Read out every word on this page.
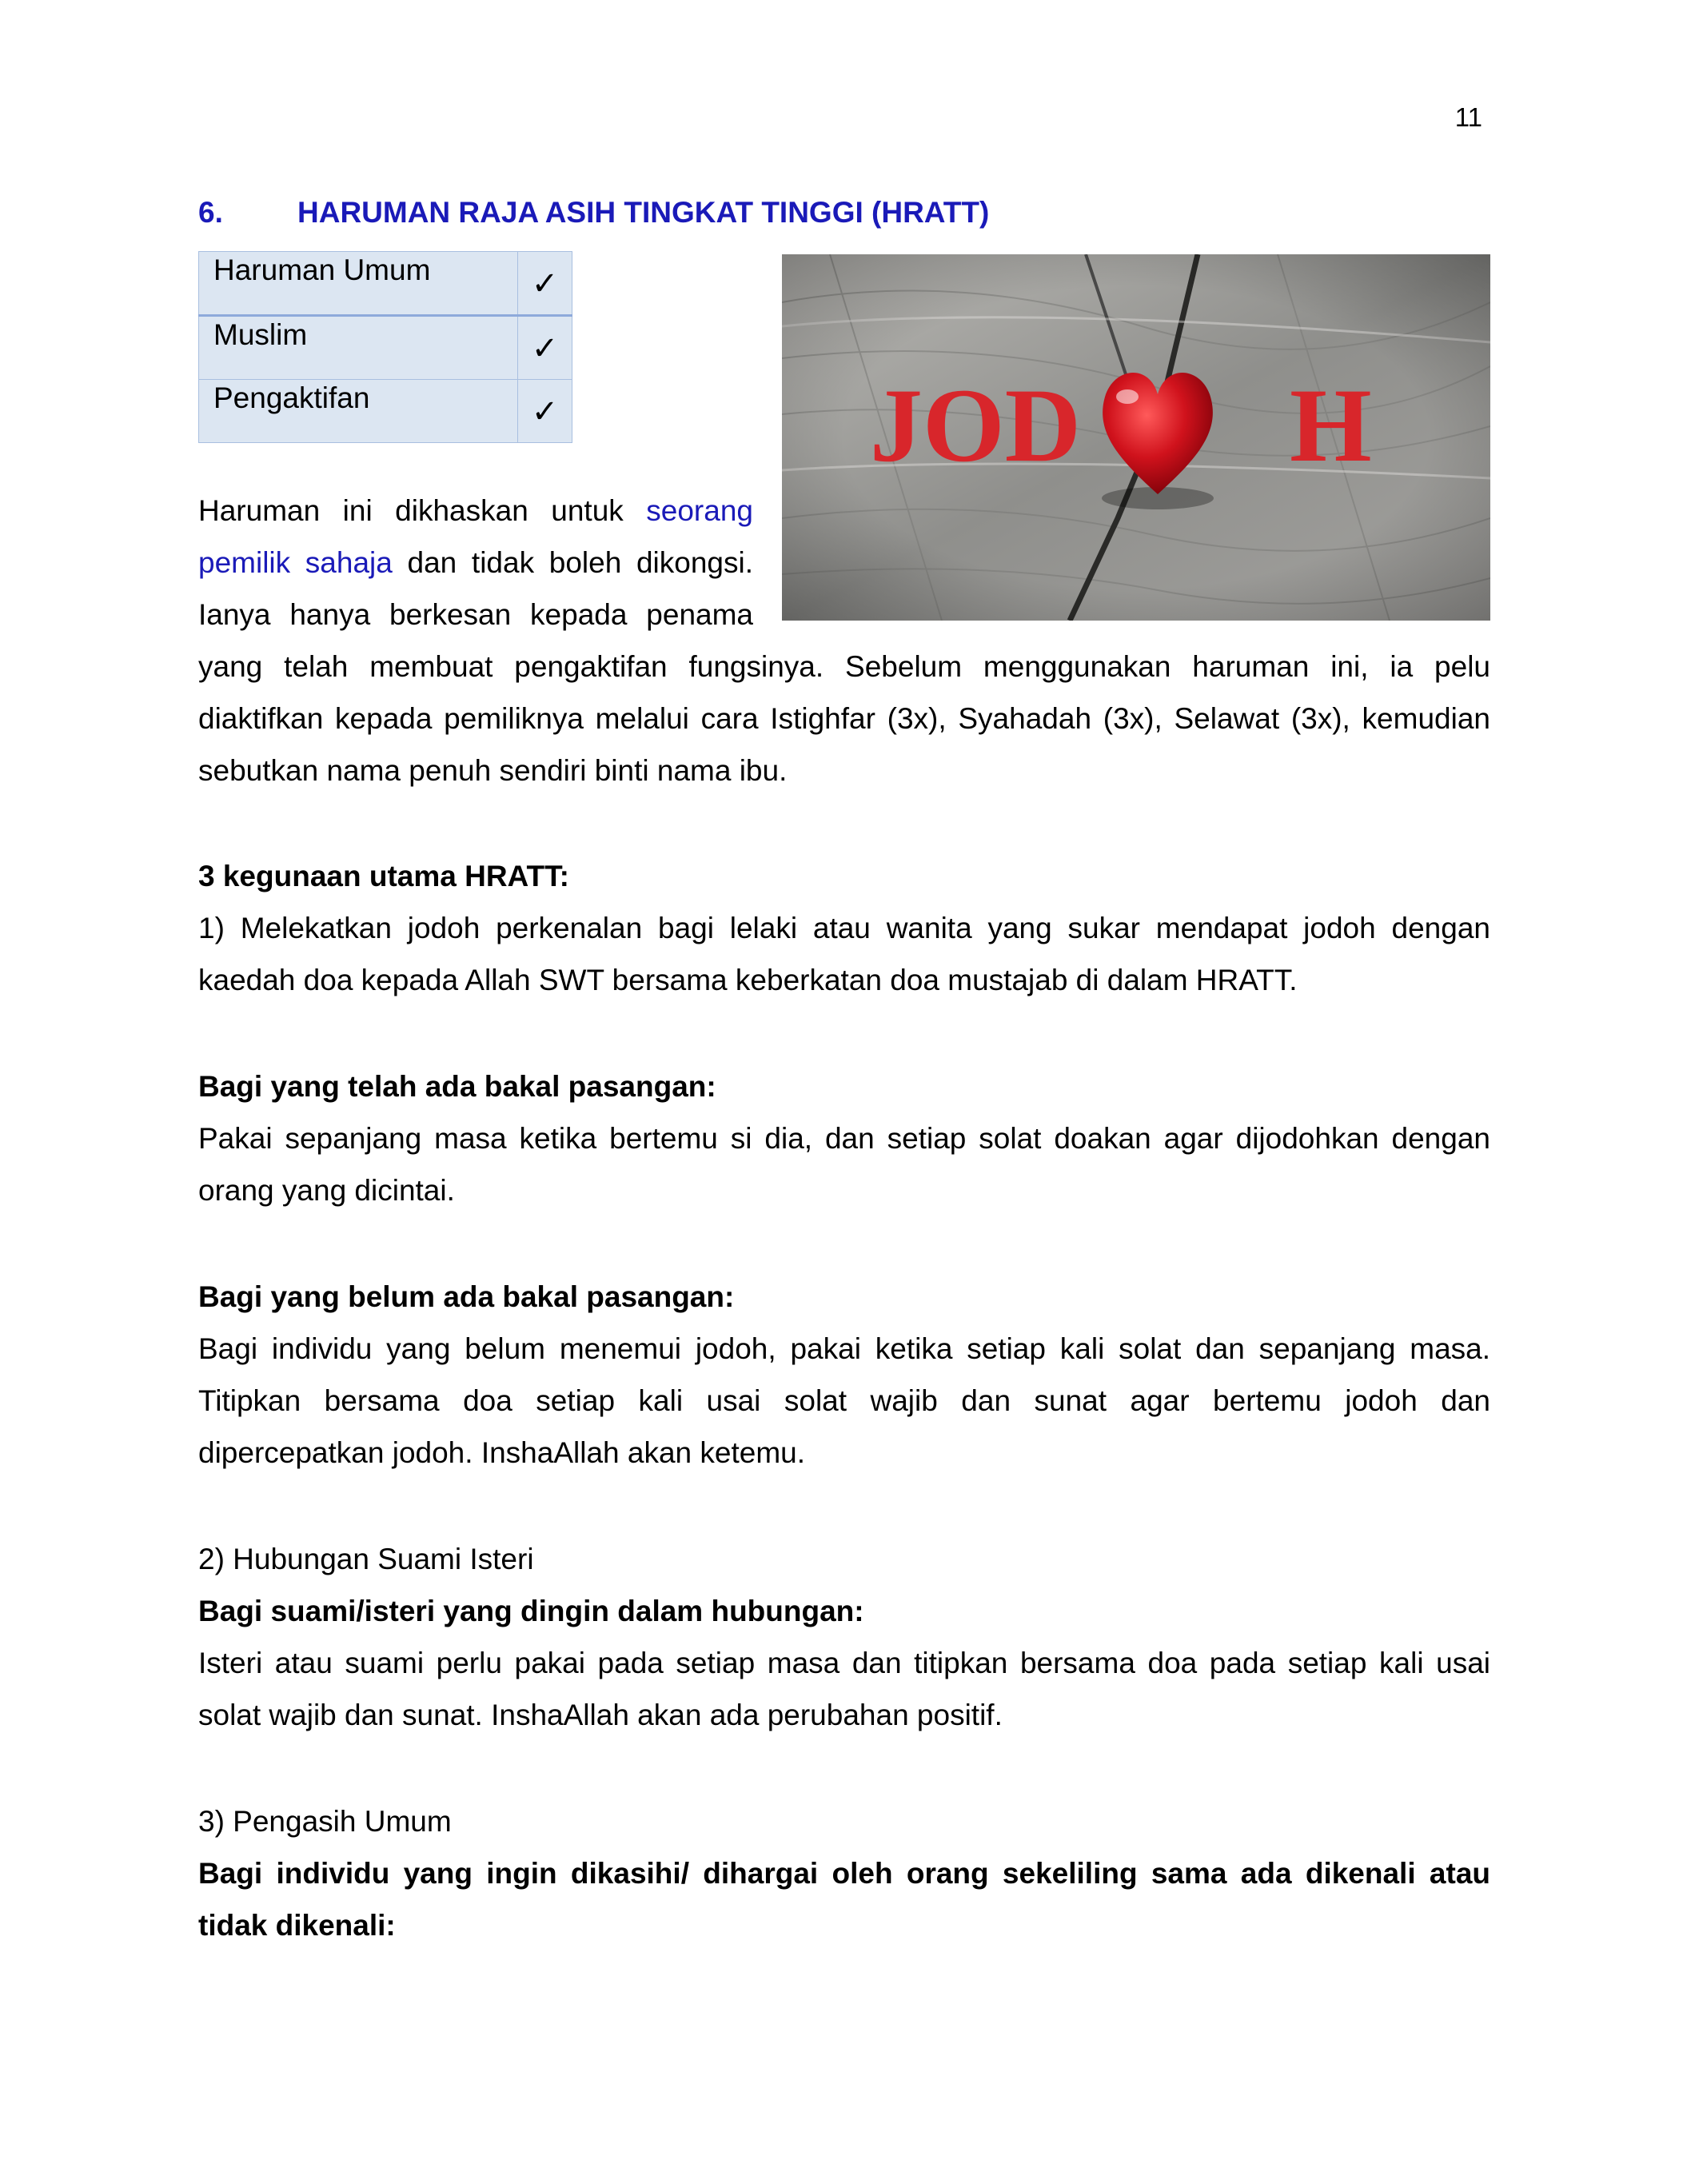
11
6.	HARUMAN RAJA ASIH TINGKAT TINGGI (HRATT)
Haruman Umum	✓
Muslim	✓
Pengaktifan	✓
Haruman ini dikhaskan untuk seorang
pemilik sahaja dan tidak boleh dikongsi.
Ianya hanya berkesan kepada penama
yang telah membuat pengaktifan fungsinya. Sebelum menggunakan haruman ini, ia pelu
diaktifkan kepada pemiliknya melalui cara Istighfar (3x), Syahadah (3x), Selawat (3x), kemudian
sebutkan nama penuh sendiri binti nama ibu.
3 kegunaan utama HRATT:
1) Melekatkan jodoh perkenalan bagi lelaki atau wanita yang sukar mendapat jodoh dengan
kaedah doa kepada Allah SWT bersama keberkatan doa mustajab di dalam HRATT.
Bagi yang telah ada bakal pasangan:
Pakai sepanjang masa ketika bertemu si dia, dan setiap solat doakan agar dijodohkan dengan
orang yang dicintai.
Bagi yang belum ada bakal pasangan:
Bagi individu yang belum menemui jodoh, pakai ketika setiap kali solat dan sepanjang masa.
Titipkan bersama doa setiap kali usai solat wajib dan sunat agar bertemu jodoh dan
dipercepatkan jodoh. InshaAllah akan ketemu.
2) Hubungan Suami Isteri
Bagi suami/isteri yang dingin dalam hubungan:
Isteri atau suami perlu pakai pada setiap masa dan titipkan bersama doa pada setiap kali usai
solat wajib dan sunat. InshaAllah akan ada perubahan positif.
3) Pengasih Umum
Bagi individu yang ingin dikasihi/ dihargai oleh orang sekeliling sama ada dikenali atau
tidak dikenali:
